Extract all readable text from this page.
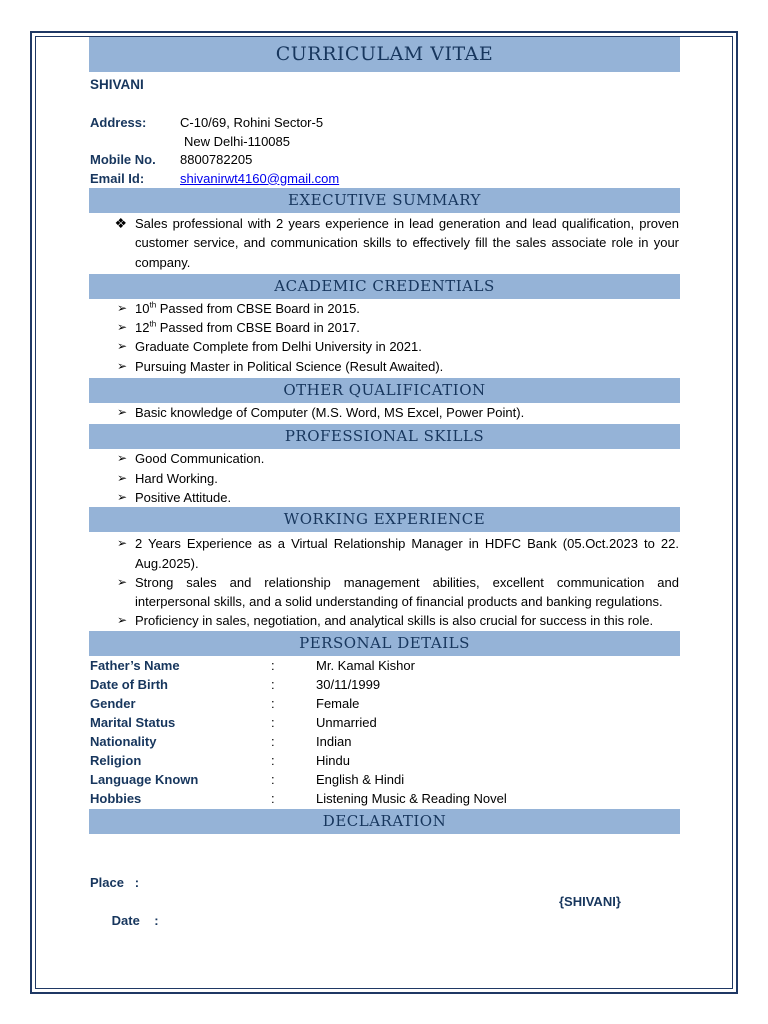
CURRICULAM VITAE
SHIVANI
Address:	C-10/69, Rohini Sector-5
New Delhi-110085
Mobile No.	8800782205
Email Id:	shivanirwt4160@gmail.com
EXECUTIVE SUMMARY
❖ Sales professional with 2 years experience in lead generation and lead qualification, proven customer service, and communication skills to effectively fill the sales associate role in your company.
ACADEMIC CREDENTIALS
➢ 10th Passed from CBSE Board in 2015.
➢ 12th Passed from CBSE Board in 2017.
➢ Graduate Complete from Delhi University in 2021.
➢ Pursuing Master in Political Science (Result Awaited).
OTHER QUALIFICATION
➢ Basic knowledge of Computer (M.S. Word, MS Excel, Power Point).
PROFESSIONAL SKILLS
➢ Good Communication.
➢ Hard Working.
➢ Positive Attitude.
WORKING EXPERIENCE
➢ 2 Years Experience as a Virtual Relationship Manager in HDFC Bank (05.Oct.2023 to 22. Aug.2025).
➢ Strong sales and relationship management abilities, excellent communication and interpersonal skills, and a solid understanding of financial products and banking regulations.
➢ Proficiency in sales, negotiation, and analytical skills is also crucial for success in this role.
PERSONAL DETAILS
Father’s Name	:	Mr. Kamal Kishor
Date of Birth	:	30/11/1999
Gender	:	Female
Marital Status	:	Unmarried
Nationality	:	Indian
Religion	:	Hindu
Language Known	:	English & Hindi
Hobbies	:	Listening Music & Reading Novel
DECLARATION
Place   :

Date    :

{SHIVANI}
